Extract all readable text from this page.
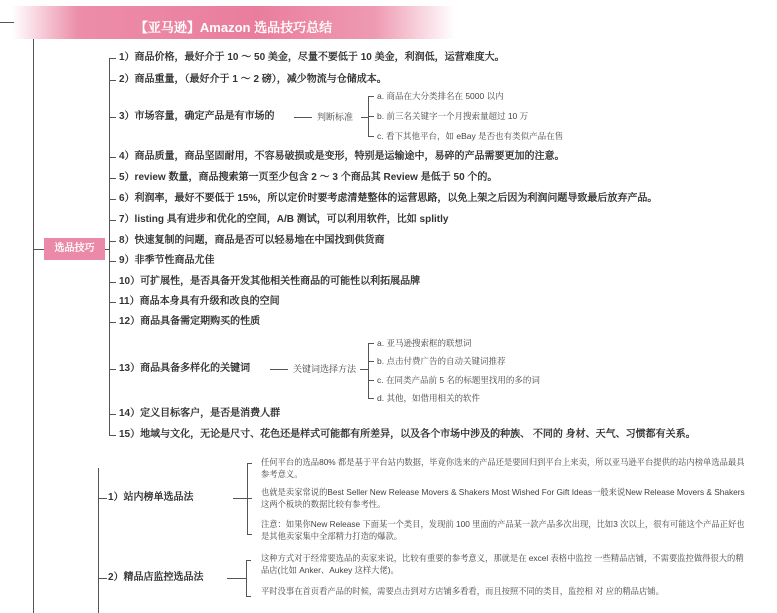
【亚马逊】Amazon 选品技巧总结
选品技巧
1）商品价格，最好介于 10 ～ 50 美金，尽量不要低于 10 美金，利润低，运营难度大。
2）商品重量，（最好介于 1 ～ 2 磅），减少物流与仓储成本。
3）市场容量，确定产品是有市场的
4）商品质量，商品坚固耐用，不容易破损或是变形，特别是运输途中，易碎的产品需要更加的注意。
5）review 数量，商品搜索第一页至少包含 2 ～ 3 个商品其 Review 是低于 50 个的。
6）利润率，最好不要低于 15%，所以定价时要考虑清楚整体的运营思路，以免上架之后因为利润问题导致最后放弃产品。
7）listing 具有进步和优化的空间，A/B 测试，可以利用软件，比如 splitly
8）快速复制的问题，商品是否可以轻易地在中国找到供货商
9）非季节性商品尤佳
10）可扩展性，是否具备开发其他相关性商品的可能性以利拓展品牌
11）商品本身具有升级和改良的空间
12）商品具备需定期购买的性质
13）商品具备多样化的关键词
14）定义目标客户，是否是消费人群
15）地域与文化，无论是尺寸、花色还是样式可能都有所差异，以及各个市场中涉及的种族、 不同的 身材、天气、习惯都有关系。
判断标准
a. 商品在大分类排名在 5000 以内
b. 前三名关键字一个月搜索量超过 10 万
c. 看下其他平台，如 eBay 是否也有类似产品在售
关键词选择方法
a. 亚马逊搜索框的联想词
b. 点击付费广告的自动关键词推荐
c. 在同类产品前 5 名的标题里找用的多的词
d. 其他，如借用相关的软件
1）站内榜单选品法
任何平台的选品80% 都是基于平台站内数据，毕竟你选来的产品还是要回归到平台上来卖，所以亚马逊平台提供的站内榜单选品最具参考意义。
也就是卖家常说的Best Seller New Release Movers & Shakers Most Wished For Gift Ideas一般来说New Release Movers & Shakers 这两个板块的数据比较有参考性。
注意：如果你New Release 下面某一个类目，发现前 100 里面的产品某一款产品多次出现，比如3 次以上，很有可能这个产品正好也是其他卖家集中全部精力打造的爆款。
2）精品店监控选品法
这种方式对于经常要选品的卖家来说，比较有重要的参考意义，那就是在 excel 表格中监控 一些精品店铺，不需要监控做得很大的精品店(比如 Anker、Aukey 这样大佬)。
平时没事在首页看产品的时候，需要点击到对方店铺多看看，而且按照不同的类目，监控相 对 应的精品店铺。
